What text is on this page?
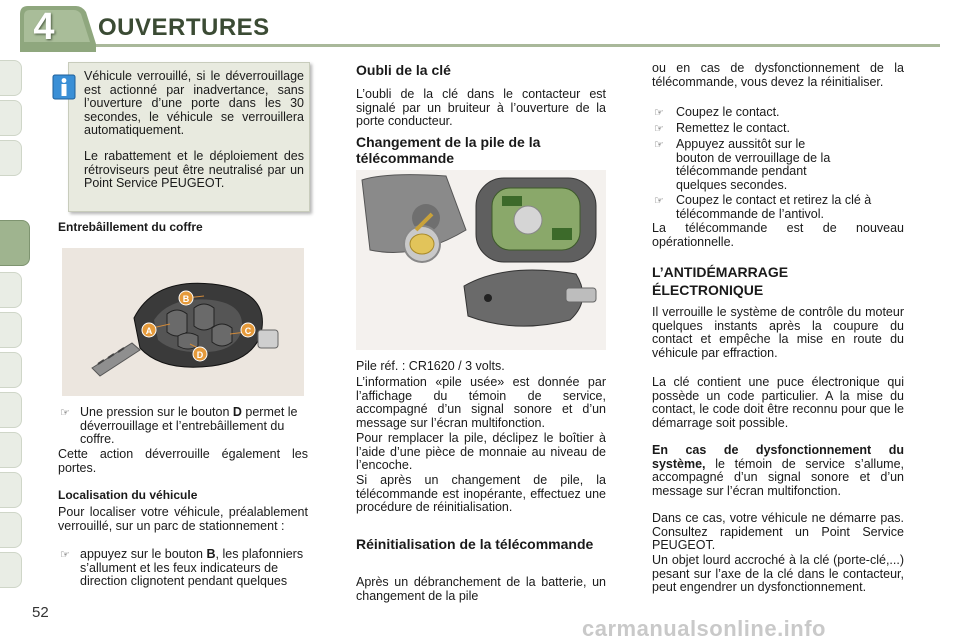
4	OUVERTURES
Véhicule verrouillé, si le déverrouillage est actionné par inadvertance, sans l’ouverture d’une porte dans les 30 secondes, le véhicule se verrouillera automatiquement.
Le rabattement et le déploiement des rétroviseurs peut être neutralisé par un Point Service PEUGEOT.
Entrebâillement du coffre
A
B
C
D
☞ Une pression sur le bouton D permet le déverrouillage et l’entrebâillement du coffre.
Cette action déverrouille également les portes.
Localisation du véhicule
Pour localiser votre véhicule, préalablement verrouillé, sur un parc de stationnement :
☞ appuyez sur le bouton B, les plafonniers s’allument et les feux indicateurs de direction clignotent pendant quelques
Oubli de la clé
L’oubli de la clé dans le contacteur est signalé par un bruiteur à l’ouverture de la porte conducteur.
Changement de la pile de la télécommande
Pile réf. : CR1620 / 3 volts.
L’information «pile usée» est donnée par l’affichage du témoin de service, accompagné d’un signal sonore et d’un message sur l’écran multifonction.
Pour remplacer la pile, déclipez le boîtier à l’aide d’une pièce de monnaie au niveau de l’encoche.
Si après un changement de pile, la télécommande est inopérante, effectuez une procédure de réinitialisation.
Réinitialisation de la télécommande
Après un débranchement de la batterie, un changement de la pile
ou en cas de dysfonctionnement de la télécommande, vous devez la réinitialiser.
☞ Coupez le contact.
☞ Remettez le contact.
☞ Appuyez aussitôt sur le bouton de verrouillage de la télécommande pendant quelques secondes.
☞ Coupez le contact et retirez la clé à télécommande de l’antivol.
La télécommande est de nouveau opérationnelle.
L’ANTIDÉMARRAGE
ÉLECTRONIQUE
Il verrouille le système de contrôle du moteur quelques instants après la coupure du contact et empêche la mise en route du véhicule par effraction.
La clé contient une puce électronique qui possède un code particulier. A la mise du contact, le code doit être reconnu pour que le démarrage soit possible.
En cas de dysfonctionnement du système, le témoin de service s’allume, accompagné d’un signal sonore et d’un message sur l’écran multifonction.
Dans ce cas, votre véhicule ne démarre pas. Consultez rapidement un Point Service PEUGEOT.
Un objet lourd accroché à la clé (porte-clé,...) pesant sur l’axe de la clé dans le contacteur, peut engendrer un dysfonctionnement.
52
carmanualsonline.info
